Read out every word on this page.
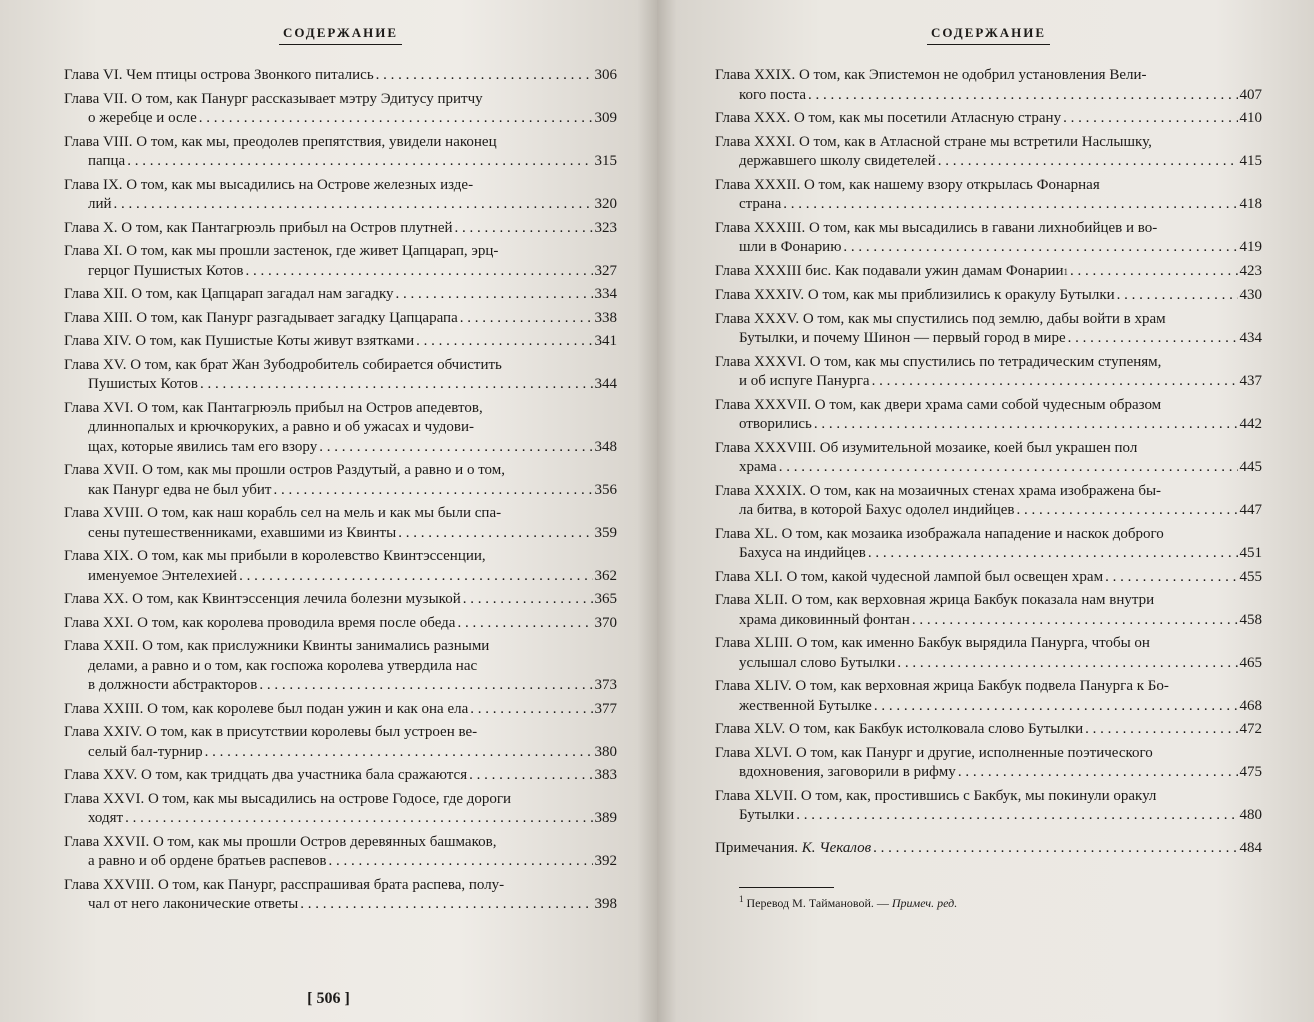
СОДЕРЖАНИЕ
Глава VI. Чем птицы острова Звонкого питались . . .	306
Глава VII. О том, как Панург рассказывает мэтру Эдитусу притчу
о жеребце и осле . . .	309
Глава VIII. О том, как мы, преодолев препятствия, увидели наконец
папца . . .	315
Глава IX. О том, как мы высадились на Острове железных изде-
лий . . .	320
Глава X. О том, как Пантагрюэль прибыл на Остров плутней . . .	323
Глава XI. О том, как мы прошли застенок, где живет Цапцарап, эрц-
герцог Пушистых Котов . . .	327
Глава XII. О том, как Цапцарап загадал нам загадку . . .	334
Глава XIII. О том, как Панург разгадывает загадку Цапцарапа . . .	338
Глава XIV. О том, как Пушистые Коты живут взятками . . .	341
Глава XV. О том, как брат Жан Зубодробитель собирается обчистить
Пушистых Котов . . .	344
Глава XVI. О том, как Пантагрюэль прибыл на Остров апедевтов,
длиннопалых и крючкоруких, а равно и об ужасах и чудови-
щах, которые явились там его взору . . .	348
Глава XVII. О том, как мы прошли остров Раздутый, а равно и о том,
как Панург едва не был убит . . .	356
Глава XVIII. О том, как наш корабль сел на мель и как мы были спа-
сены путешественниками, ехавшими из Квинты . . .	359
Глава XIX. О том, как мы прибыли в королевство Квинтэссенции,
именуемое Энтелехией . . .	362
Глава XX. О том, как Квинтэссенция лечила болезни музыкой . . .	365
Глава XXI. О том, как королева проводила время после обеда . . .	370
Глава XXII. О том, как прислужники Квинты занимались разными
делами, а равно и о том, как госпожа королева утвердила нас
в должности абстракторов . . .	373
Глава XXIII. О том, как королеве был подан ужин и как она ела . . .	377
Глава XXIV. О том, как в присутствии королевы был устроен ве-
селый бал-турнир . . .	380
Глава XXV. О том, как тридцать два участника бала сражаются . . .	383
Глава XXVI. О том, как мы высадились на острове Годосе, где дороги
ходят . . .	389
Глава XXVII. О том, как мы прошли Остров деревянных башмаков,
а равно и об ордене братьев распевов . . .	392
Глава XXVIII. О том, как Панург, расспрашивая брата распева, полу-
чал от него лаконические ответы . . .	398
[ 506 ]
СОДЕРЖАНИЕ
Глава XXIX. О том, как Эпистемон не одобрил установления Вели-
кого поста . . .	407
Глава XXX. О том, как мы посетили Атласную страну . . .	410
Глава XXXI. О том, как в Атласной стране мы встретили Наслышку,
державшего школу свидетелей . . .	415
Глава XXXII. О том, как нашему взору открылась Фонарная
страна . . .	418
Глава XXXIII. О том, как мы высадились в гавани лихнобийцев и во-
шли в Фонарию . . .	419
Глава XXXIII бис. Как подавали ужин дамам Фонарии 1 . . .	423
Глава XXXIV. О том, как мы приблизились к оракулу Бутылки . . .	430
Глава XXXV. О том, как мы спустились под землю, дабы войти в храм
Бутылки, и почему Шинон — первый город в мире . . .	434
Глава XXXVI. О том, как мы спустились по тетрадическим ступеням,
и об испуге Панурга . . .	437
Глава XXXVII. О том, как двери храма сами собой чудесным образом
отворились . . .	442
Глава XXXVIII. Об изумительной мозаике, коей был украшен пол
храма . . .	445
Глава XXXIX. О том, как на мозаичных стенах храма изображена бы-
ла битва, в которой Бахус одолел индийцев . . .	447
Глава XL. О том, как мозаика изображала нападение и наскок доброго
Бахуса на индийцев . . .	451
Глава XLI. О том, какой чудесной лампой был освещен храм . . .	455
Глава XLII. О том, как верховная жрица Бакбук показала нам внутри
храма диковинный фонтан . . .	458
Глава XLIII. О том, как именно Бакбук вырядила Панурга, чтобы он
услышал слово Бутылки . . .	465
Глава XLIV. О том, как верховная жрица Бакбук подвела Панурга к Бо-
жественной Бутылке . . .	468
Глава XLV. О том, как Бакбук истолковала слово Бутылки . . .	472
Глава XLVI. О том, как Панург и другие, исполненные поэтического
вдохновения, заговорили в рифму . . .	475
Глава XLVII. О том, как, простившись с Бакбук, мы покинули оракул
Бутылки . . .	480
Примечания.
К. Чекалов . . .	484
$^1$ Перевод М. Таймановой. — Примеч. ред.
